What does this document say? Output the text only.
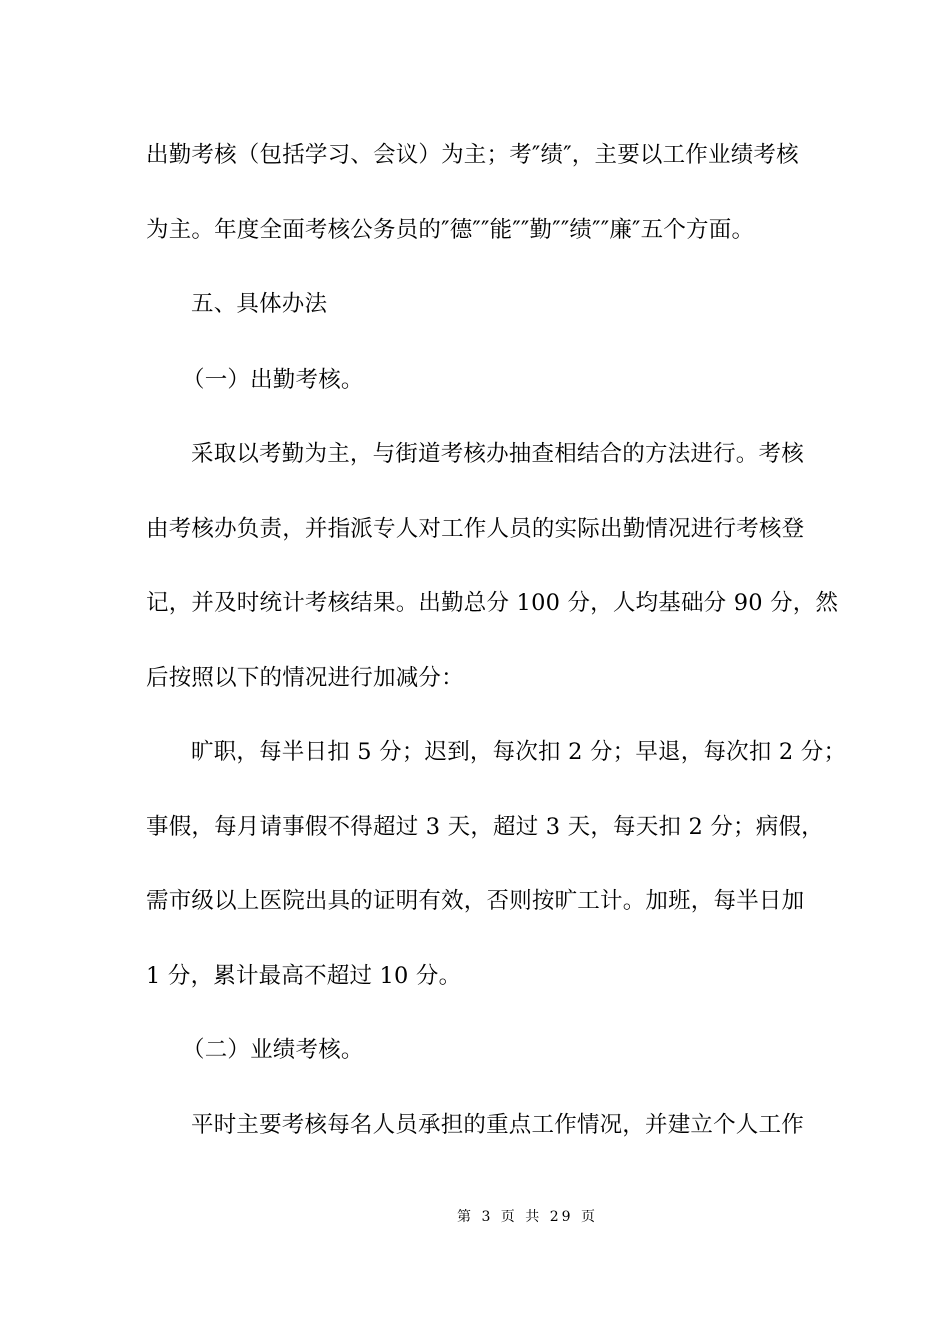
出勤考核（包括学习、会议）为主；考″绩″，主要以工作业绩考核
为主。年度全面考核公务员的″德″″能″″勤″″绩″″廉″五个方面。
五、具体办法
（一）出勤考核。
采取以考勤为主，与街道考核办抽查相结合的方法进行。考核
由考核办负责，并指派专人对工作人员的实际出勤情况进行考核登
记，并及时统计考核结果。出勤总分 100 分，人均基础分 90 分，然
后按照以下的情况进行加减分：
旷职，每半日扣 5 分；迟到，每次扣 2 分；早退，每次扣 2 分；
事假，每月请事假不得超过 3 天，超过 3 天，每天扣 2 分；病假，
需市级以上医院出具的证明有效，否则按旷工计。加班，每半日加
1 分，累计最高不超过 10 分。
（二）业绩考核。
平时主要考核每名人员承担的重点工作情况，并建立个人工作
第 3 页 共 29 页
